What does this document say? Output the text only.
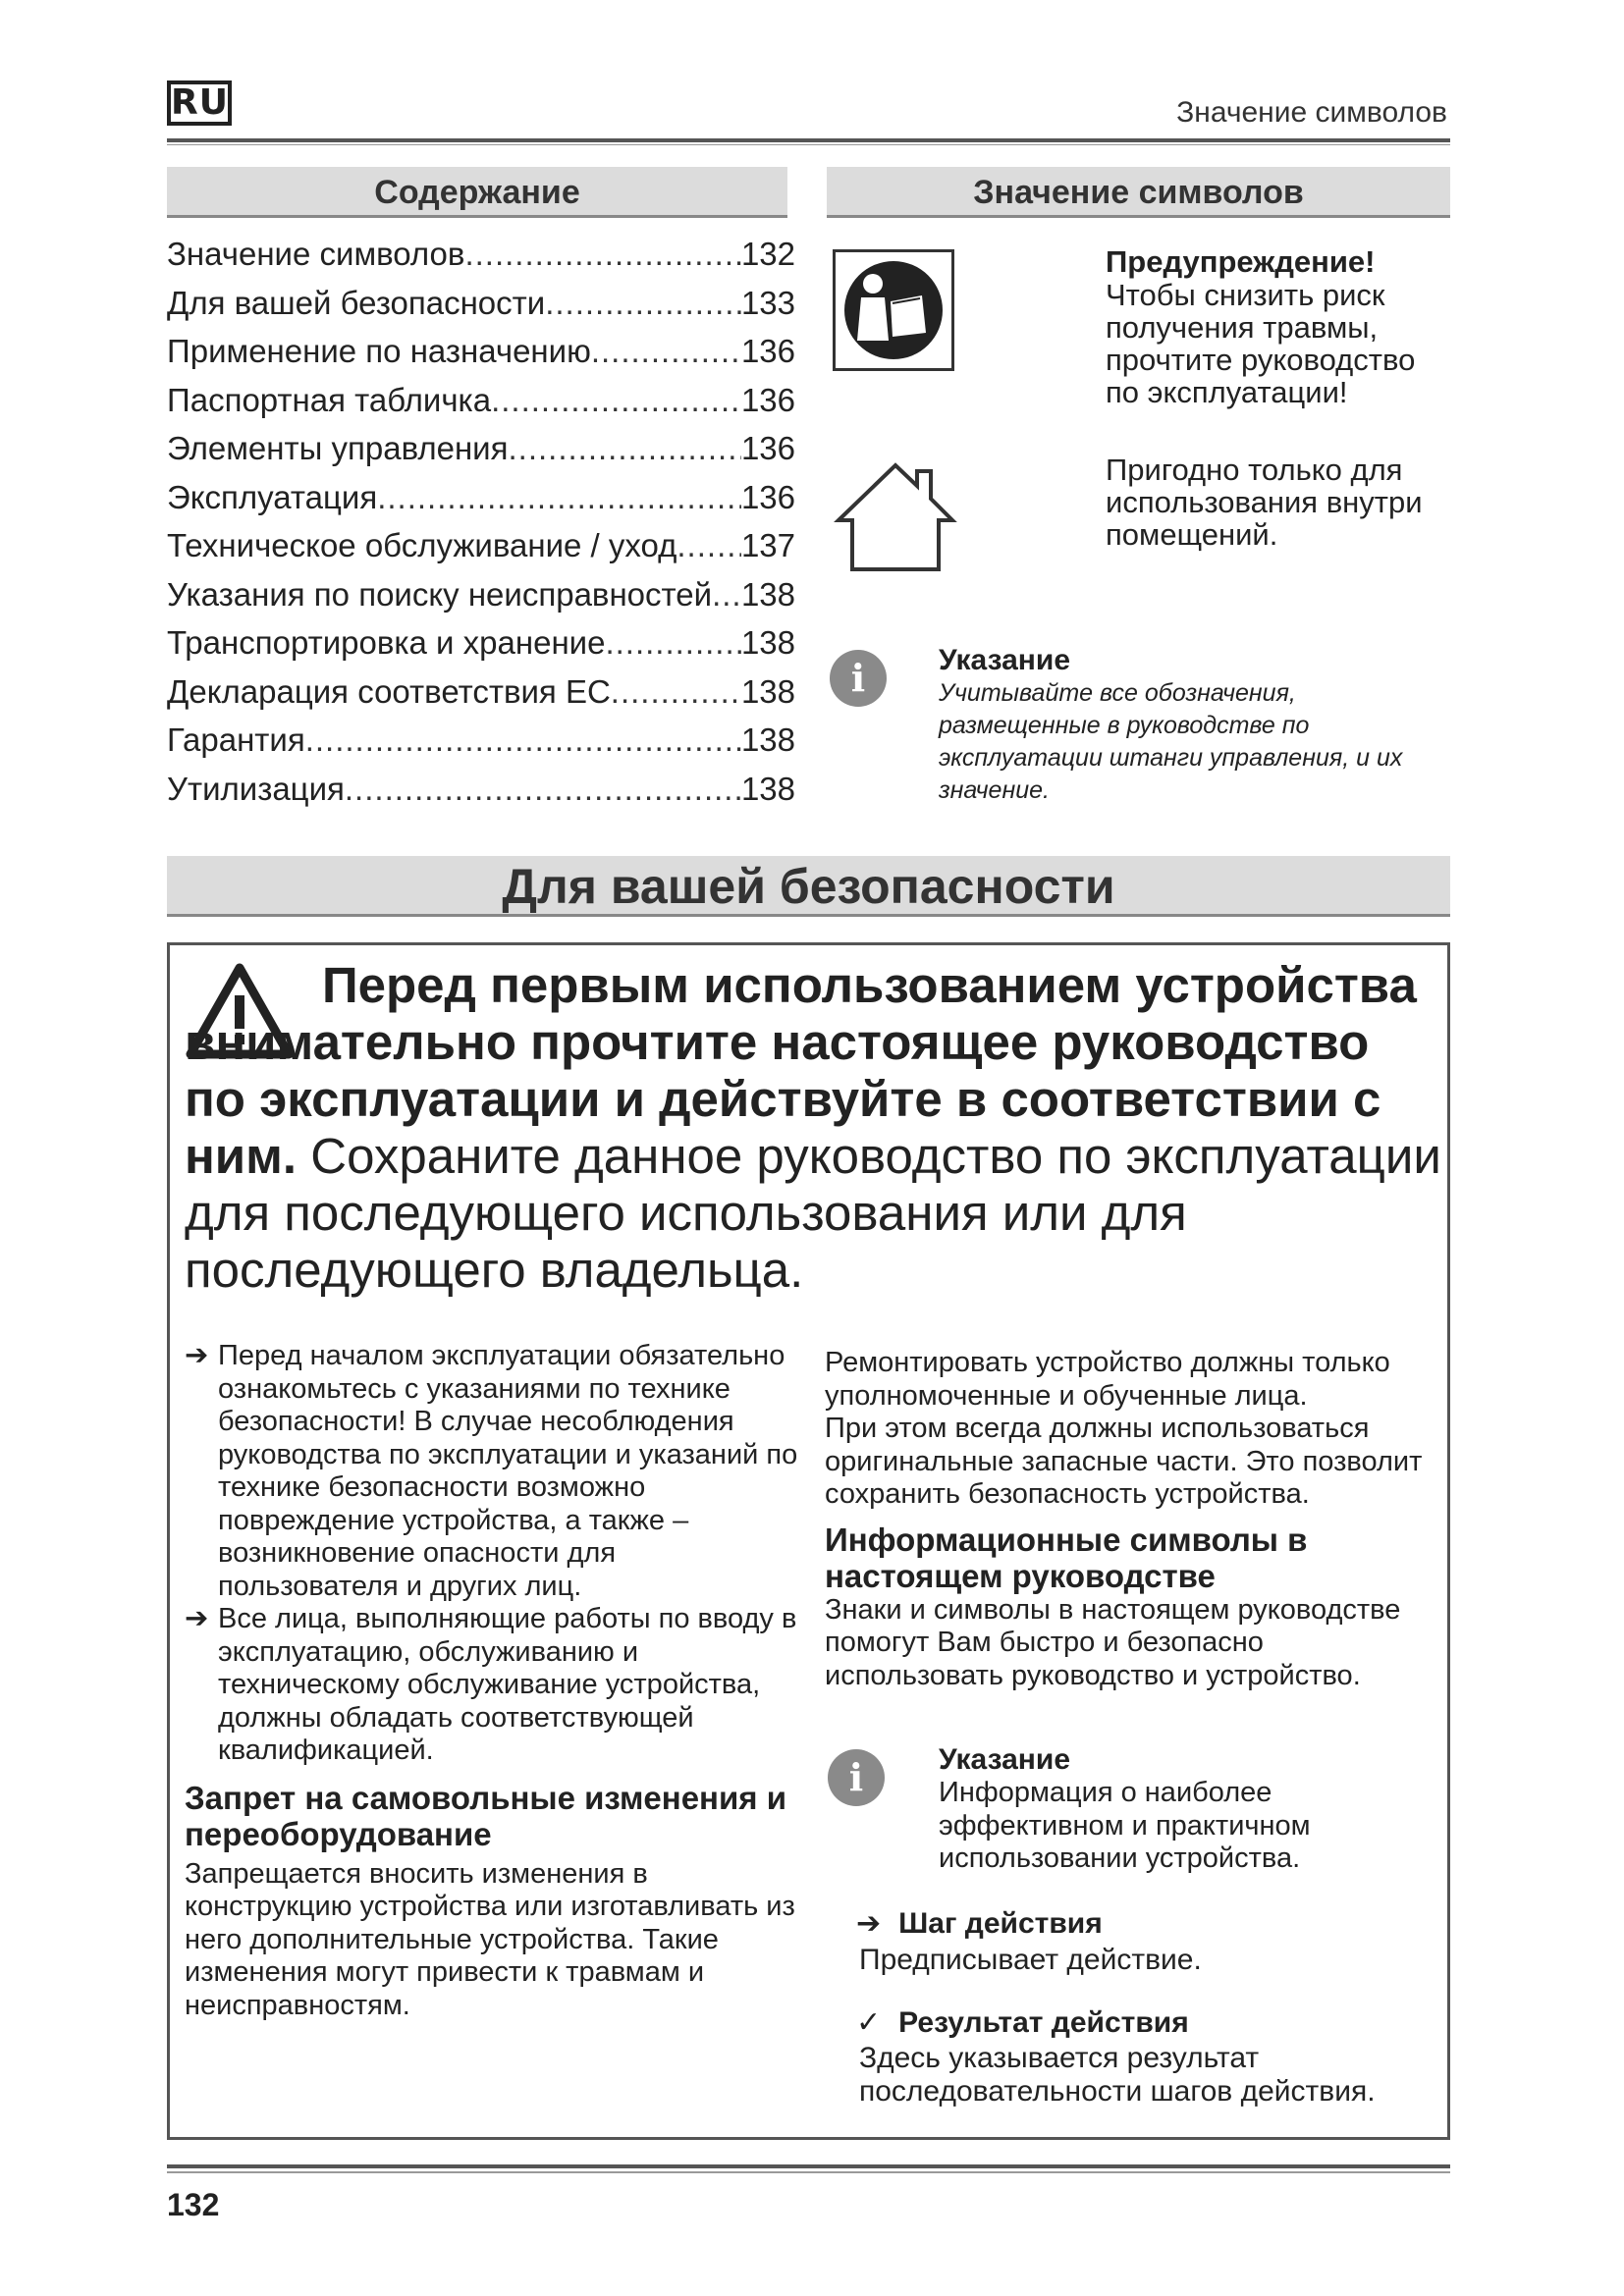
RU	Значение символов
Содержание
Значение символов .....	132
Для вашей безопасности .....	133
Применение по назначению .....	136
Паспортная табличка .....	136
Элементы управления .....	136
Эксплуатация .....	136
Техническое обслуживание / уход ..... 137
Указания по поиску неисправностей ..... 138
Транспортировка и хранение .....	138
Декларация соответствия ЕС .....	138
Гарантия .....	138
Утилизация .....	138
Значение символов
Предупреждение!
Чтобы снизить риск получения травмы, прочтите руководство по эксплуатации!
Пригодно только для использования внутри помещений.
i	Указание
Учитывайте все обозначения, размещенные в руководстве по эксплуатации штанги управления, и их значение.
Для вашей безопасности
Перед первым использованием устройства внимательно прочтите настоящее руководство по эксплуатации и действуйте в соответствии с ним. Сохраните данное руководство по эксплуатации для последующего использования или для последующего владельца.
➔ Перед началом эксплуатации обязательно ознакомьтесь с указаниями по технике безопасности! В случае несоблюдения руководства по эксплуатации и указаний по технике безопасности возможно повреждение устройства, а также – возникновение опасности для пользователя и других лиц.
➔ Все лица, выполняющие работы по вводу в эксплуатацию, обслуживанию и техническому обслуживание устройства, должны обладать соответствующей квалификацией.
Запрет на самовольные изменения и переоборудование
Запрещается вносить изменения в конструкцию устройства или изготавливать из него дополнительные устройства. Такие изменения могут привести к травмам и неисправностям.
Ремонтировать устройство должны только уполномоченные и обученные лица.
При этом всегда должны использоваться оригинальные запасные части. Это позволит сохранить безопасность устройства.
Информационные символы в настоящем руководстве
Знаки и символы в настоящем руководстве помогут Вам быстро и безопасно использовать руководство и устройство.
i	Указание
Информация о наиболее эффективном и практичном использовании устройства.
➔ Шаг действия
Предписывает действие.
✓ Результат действия
Здесь указывается результат последовательности шагов действия.
132
